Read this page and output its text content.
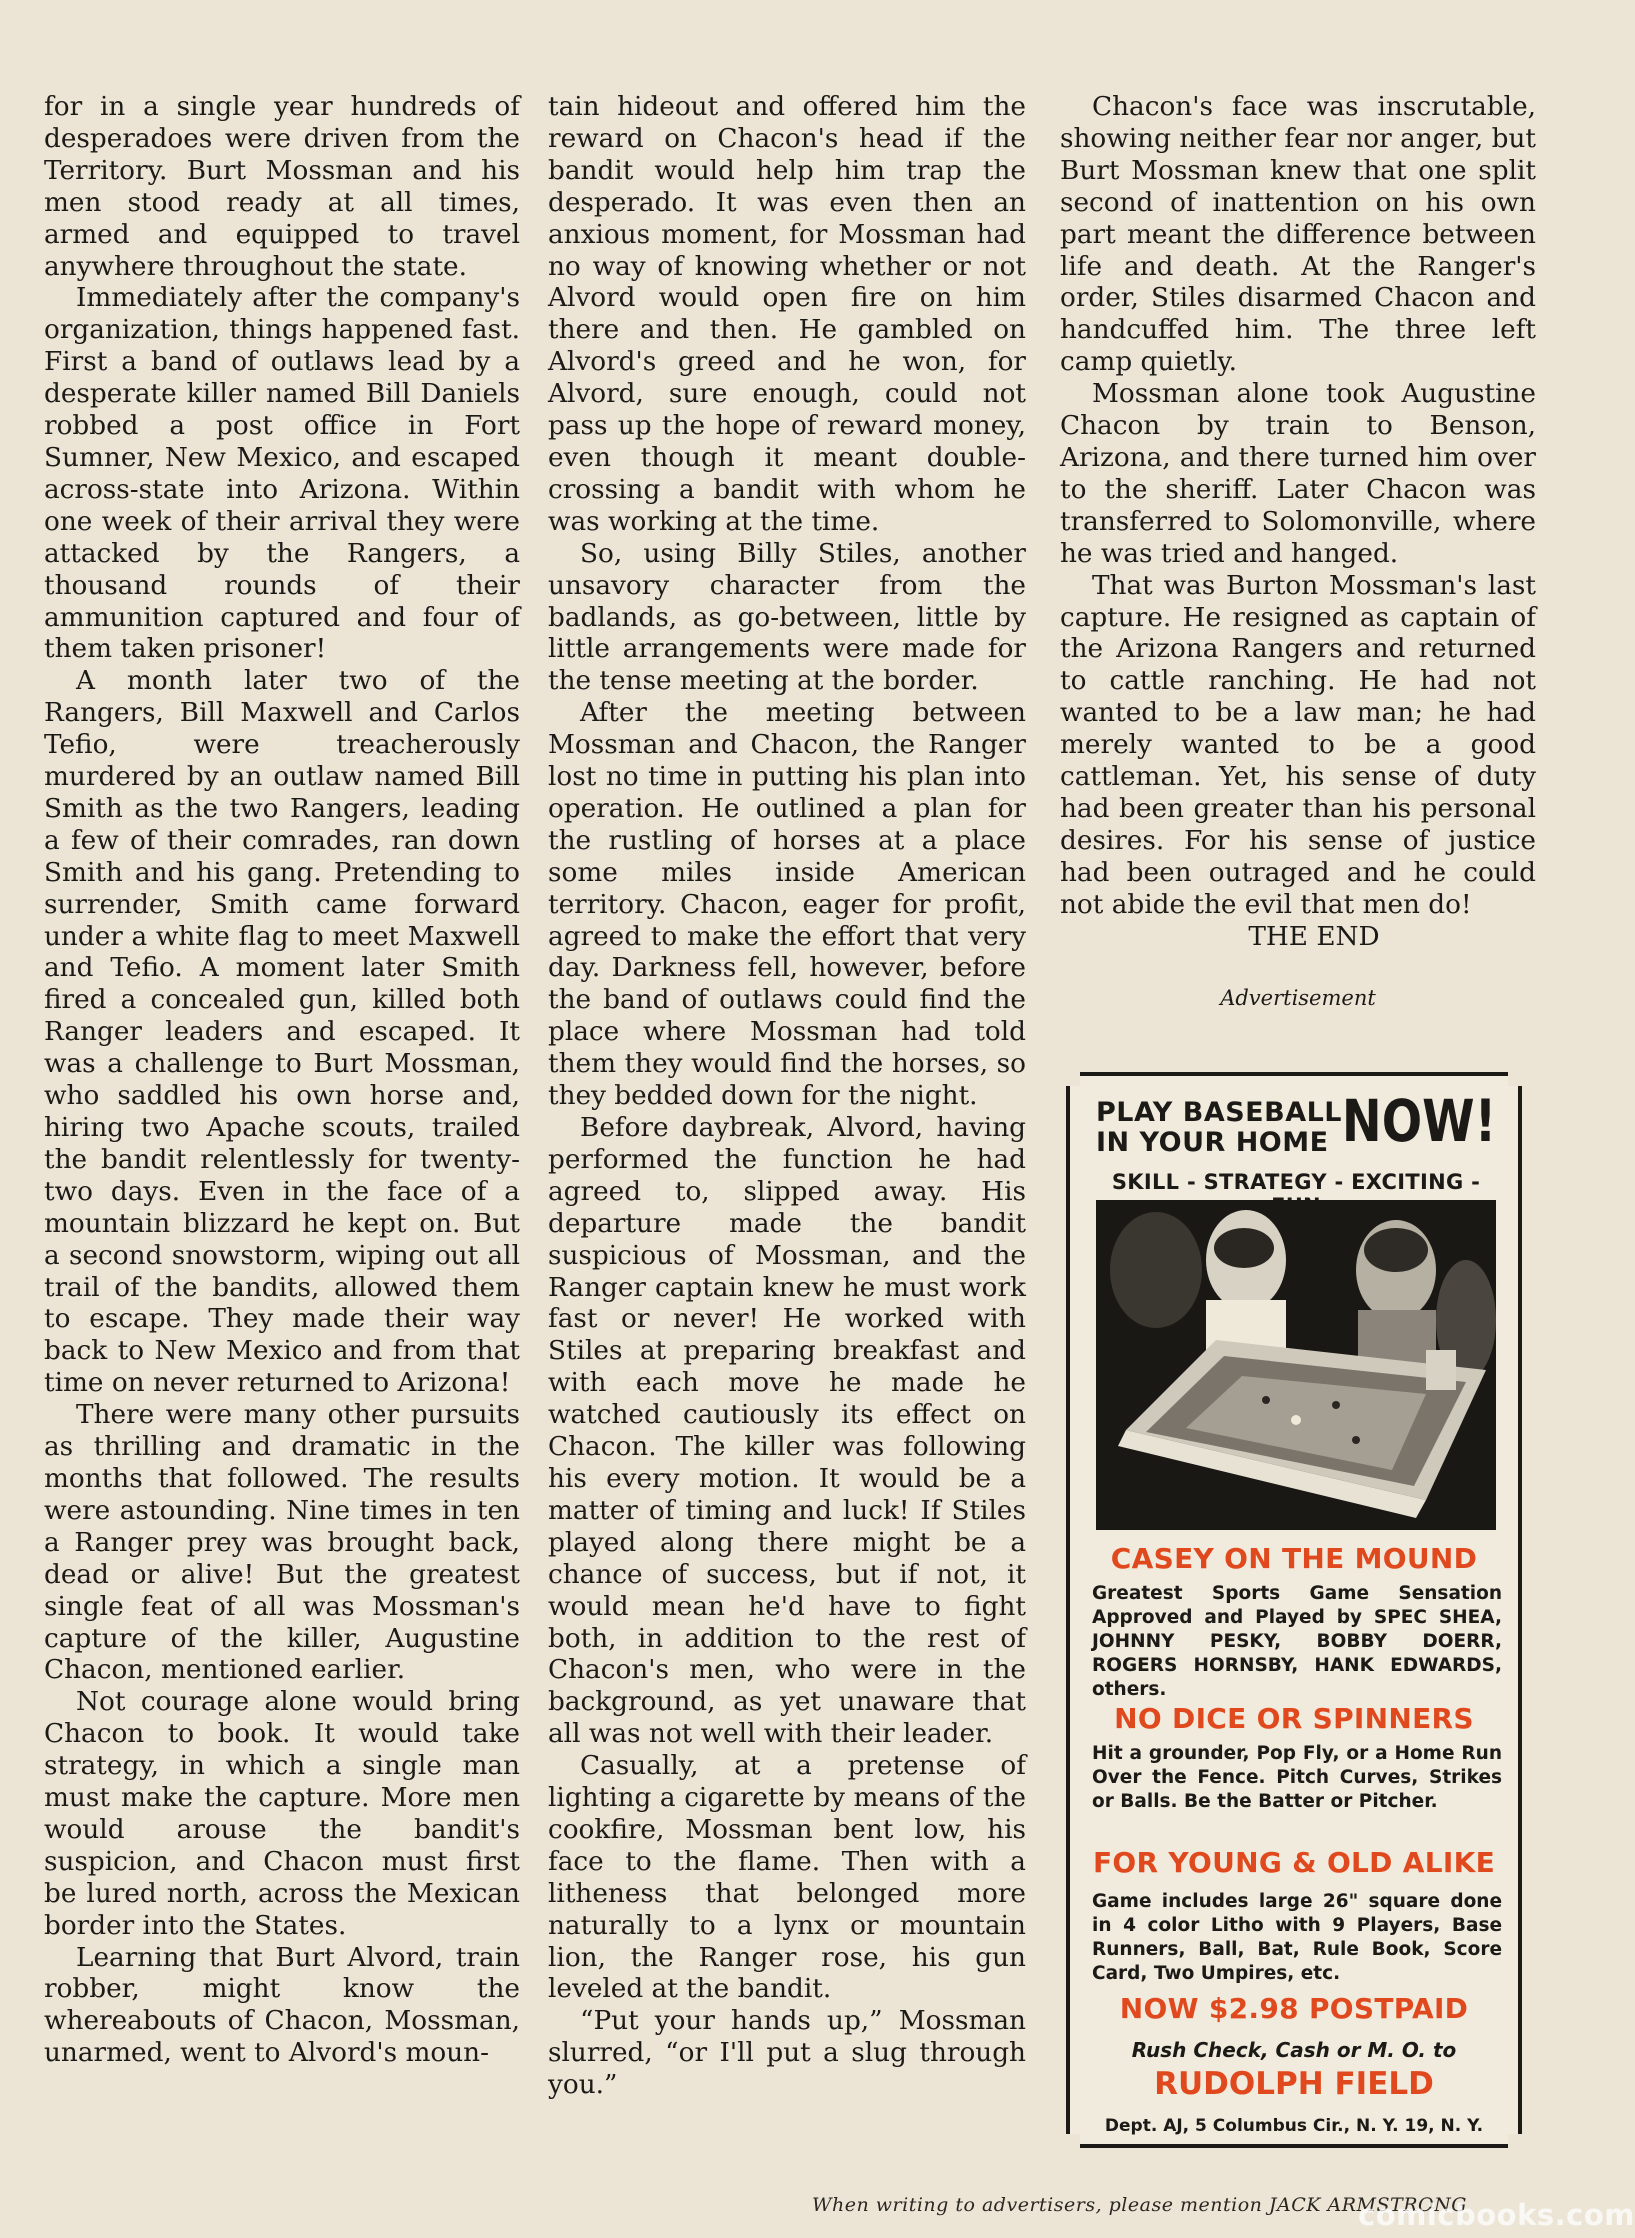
for in a single year hundreds of desperadoes were driven from the Territory. Burt Mossman and his men stood ready at all times, armed and equipped to travel anywhere throughout the state.

Immediately after the company's organization, things happened fast. First a band of outlaws lead by a desperate killer named Bill Daniels robbed a post office in Fort Sumner, New Mexico, and escaped across-state into Arizona. Within one week of their arrival they were attacked by the Rangers, a thousand rounds of their ammunition captured and four of them taken prisoner!

A month later two of the Rangers, Bill Maxwell and Carlos Tefio, were treacherously murdered by an outlaw named Bill Smith as the two Rangers, leading a few of their comrades, ran down Smith and his gang. Pretending to surrender, Smith came forward under a white flag to meet Maxwell and Tefio. A moment later Smith fired a concealed gun, killed both Ranger leaders and escaped. It was a challenge to Burt Mossman, who saddled his own horse and, hiring two Apache scouts, trailed the bandit relentlessly for twenty-two days. Even in the face of a mountain blizzard he kept on. But a second snowstorm, wiping out all trail of the bandits, allowed them to escape. They made their way back to New Mexico and from that time on never returned to Arizona!

There were many other pursuits as thrilling and dramatic in the months that followed. The results were astounding. Nine times in ten a Ranger prey was brought back, dead or alive! But the greatest single feat of all was Mossman's capture of the killer, Augustine Chacon, mentioned earlier.

Not courage alone would bring Chacon to book. It would take strategy, in which a single man must make the capture. More men would arouse the bandit's suspicion, and Chacon must first be lured north, across the Mexican border into the States.

Learning that Burt Alvord, train robber, might know the whereabouts of Chacon, Mossman, unarmed, went to Alvord's moun-

tain hideout and offered him the reward on Chacon's head if the bandit would help him trap the desperado. It was even then an anxious moment, for Mossman had no way of knowing whether or not Alvord would open fire on him there and then. He gambled on Alvord's greed and he won, for Alvord, sure enough, could not pass up the hope of reward money, even though it meant double-crossing a bandit with whom he was working at the time.

So, using Billy Stiles, another unsavory character from the badlands, as go-between, little by little arrangements were made for the tense meeting at the border.

After the meeting between Mossman and Chacon, the Ranger lost no time in putting his plan into operation. He outlined a plan for the rustling of horses at a place some miles inside American territory. Chacon, eager for profit, agreed to make the effort that very day. Darkness fell, however, before the band of outlaws could find the place where Mossman had told them they would find the horses, so they bedded down for the night.

Before daybreak, Alvord, having performed the function he had agreed to, slipped away. His departure made the bandit suspicious of Mossman, and the Ranger captain knew he must work fast or never! He worked with Stiles at preparing breakfast and with each move he made he watched cautiously its effect on Chacon. The killer was following his every motion. It would be a matter of timing and luck! If Stiles played along there might be a chance of success, but if not, it would mean he'd have to fight both, in addition to the rest of Chacon's men, who were in the background, as yet unaware that all was not well with their leader.

Casually, at a pretense of lighting a cigarette by means of the cookfire, Mossman bent low, his face to the flame. Then with a litheness that belonged more naturally to a lynx or mountain lion, the Ranger rose, his gun leveled at the bandit.

“Put your hands up,” Mossman slurred, “or I'll put a slug through you.”

Chacon's face was inscrutable, showing neither fear nor anger, but Burt Mossman knew that one split second of inattention on his own part meant the difference between life and death. At the Ranger's order, Stiles disarmed Chacon and handcuffed him. The three left camp quietly.

Mossman alone took Augustine Chacon by train to Benson, Arizona, and there turned him over to the sheriff. Later Chacon was transferred to Solomonville, where he was tried and hanged.

That was Burton Mossman's last capture. He resigned as captain of the Arizona Rangers and returned to cattle ranching. He had not wanted to be a law man; he had merely wanted to be a good cattleman. Yet, his sense of duty had been greater than his personal desires. For his sense of justice had been outraged and he could not abide the evil that men do!

THE END

Advertisement
PLAY BASEBALL
IN YOUR HOME NOW!
SKILL - STRATEGY - EXCITING -
CASEY ON THE MOUND
Greatest Sports Game Sensation Approved and Played by SPEC SHEA, JOHNNY PESKY, BOBBY DOERR, ROGERS HORNSBY, HANK EDWARDS, others.
NO DICE OR SPINNERS
Hit a grounder, Pop Fly, or a Home Run Over the Fence. Pitch Curves, Strikes or Balls. Be the Batter or Pitcher.
FOR YOUNG & OLD ALIKE
Game includes large 26" square done in 4 color Litho with 9 Players, Base Runners, Ball, Bat, Rule Book, Score Card, Two Umpires, etc.
NOW $2.98 POSTPAID
Rush Check, Cash or M. O. to
RUDOLPH FIELD
Dept. AJ, 5 Columbus Cir., N. Y. 19, N. Y.
When writing to advertisers, please mention JACK ARMSTRONG
comicbooks.com
